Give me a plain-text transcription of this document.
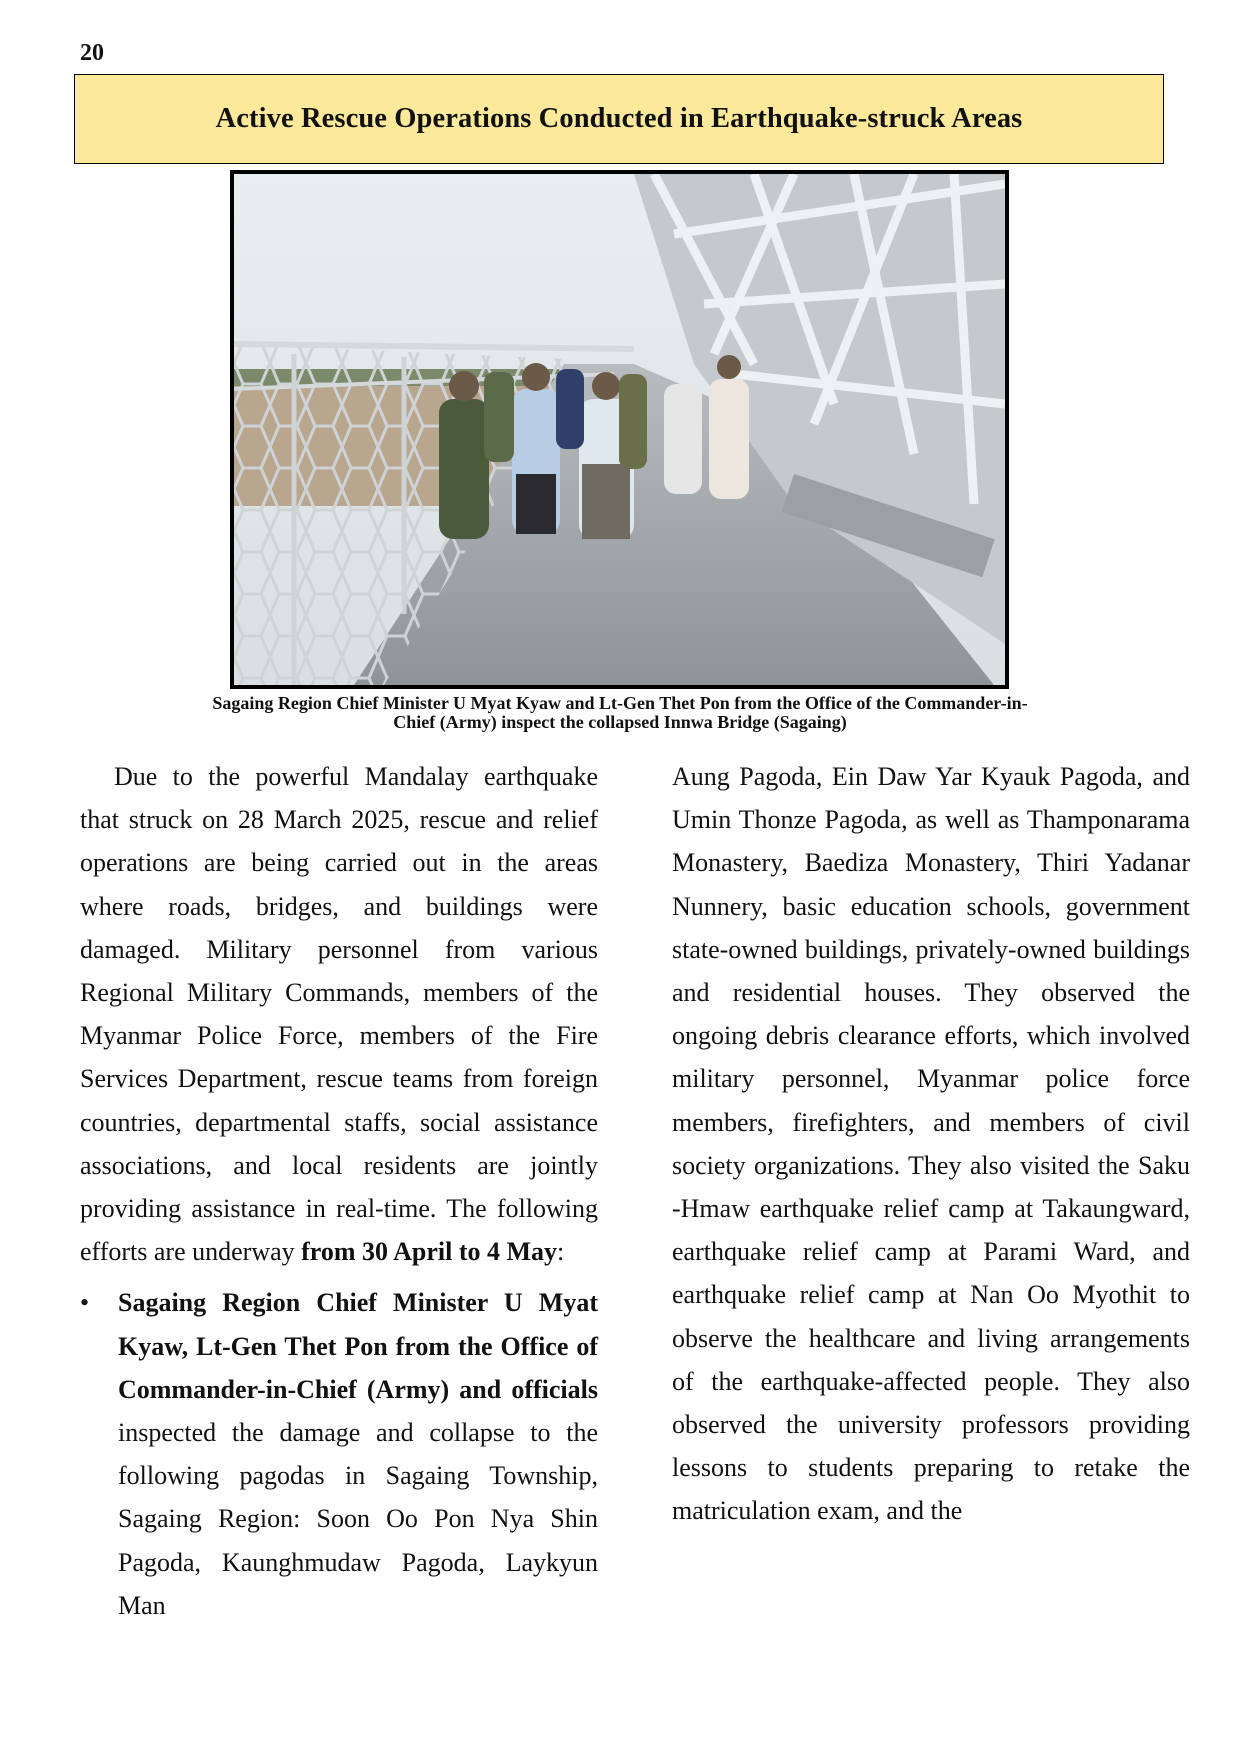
20
Active Rescue Operations Conducted in Earthquake-struck Areas
Sagaing Region Chief Minister U Myat Kyaw and Lt-Gen Thet Pon from the Office of the Commander-in-
Chief (Army) inspect the collapsed Innwa Bridge (Sagaing)

Due to the powerful Mandalay earthquake that struck on 28 March 2025, rescue and relief operations are being carried out in the areas where roads, bridges, and buildings were damaged. Military personnel from various Regional Military Commands, members of the Myanmar Police Force, members of the Fire Services Department, rescue teams from foreign countries, departmental staffs, social assistance associations, and local residents are jointly providing assistance in real-time. The following efforts are underway from 30 April to 4 May:

• Sagaing Region Chief Minister U Myat Kyaw, Lt-Gen Thet Pon from the Office of Commander-in-Chief (Army) and officials inspected the damage and collapse to the following pagodas in Sagaing Township, Sagaing Region: Soon Oo Pon Nya Shin Pagoda, Kaunghmudaw Pagoda, Laykyun Man

Aung Pagoda, Ein Daw Yar Kyauk Pagoda, and Umin Thonze Pagoda, as well as Thamponarama Monastery, Baediza Monastery, Thiri Yadanar Nunnery, basic education schools, government state-owned buildings, privately-owned buildings and residential houses. They observed the ongoing debris clearance efforts, which involved military personnel, Myanmar police force members, firefighters, and members of civil society organizations. They also visited the Saku -Hmaw earthquake relief camp at Takaungward, earthquake relief camp at Parami Ward, and earthquake relief camp at Nan Oo Myothit to observe the healthcare and living arrangements of the earthquake-affected people. They also observed the university professors providing lessons to students preparing to retake the matriculation exam, and the
